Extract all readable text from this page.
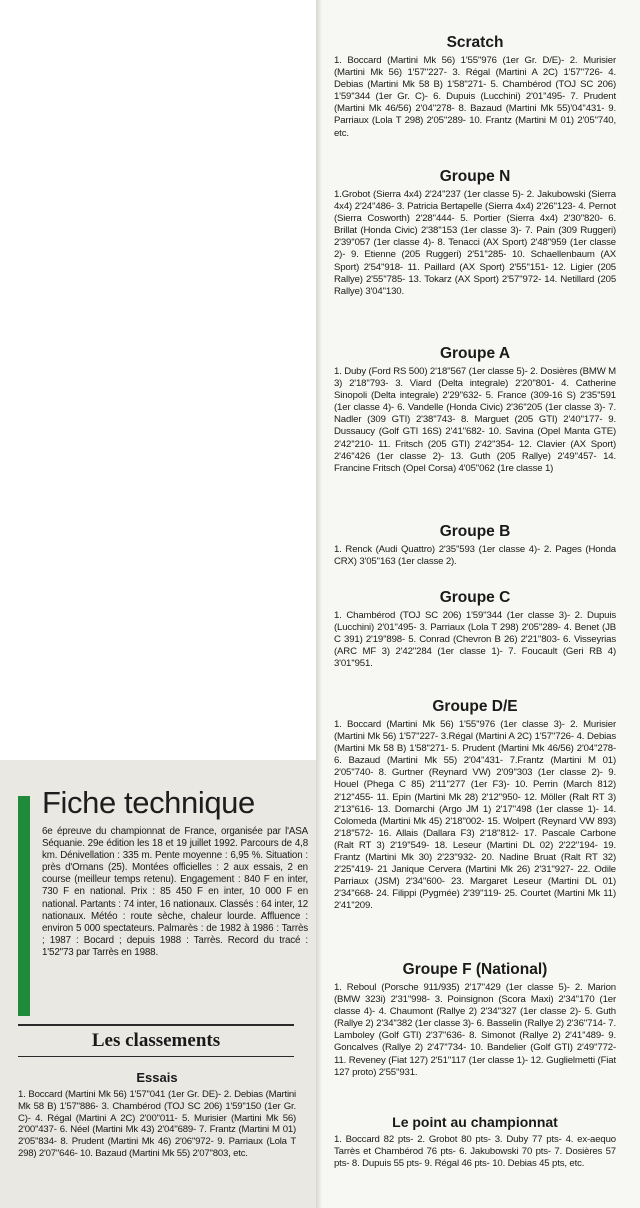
Fiche technique

6e épreuve du championnat de France, organisée par l'ASA Séquanie. 29e édition les 18 et 19 juillet 1992. Parcours de 4,8 km. Dénivellation : 335 m. Pente moyenne : 6,95 %. Situation : près d'Ornans (25). Montées officielles : 2 aux essais, 2 en course (meilleur temps retenu). Engagement : 840 F en inter, 730 F en national. Prix : 85 450 F en inter, 10 000 F en national. Partants : 74 inter, 16 nationaux. Classés : 64 inter, 12 nationaux. Météo : route sèche, chaleur lourde. Affluence : environ 5 000 spectateurs. Palmarès : de 1982 à 1986 : Tarrès ; 1987 : Bocard ; depuis 1988 : Tarrès. Record du tracé : 1'52"73 par Tarrès en 1988.

Les classements
Essais

1. Boccard (Martini Mk 56) 1'57''041 (1er Gr. DE)- 2. Debias (Martini Mk 58 B) 1'57''886- 3. Chambérod (TOJ SC 206) 1'59''150 (1er Gr. C)- 4. Régal (Martini A 2C) 2'00''011- 5. Murisier (Martini Mk 56) 2'00''437- 6. Néel (Martini Mk 43) 2'04''689- 7. Frantz (Martini M 01) 2'05''834- 8. Prudent (Martini Mk 46) 2'06''972- 9. Parriaux (Lola T 298) 2'07''646- 10. Bazaud (Martini Mk 55) 2'07''803, etc.

Scratch

1. Boccard (Martini Mk 56) 1'55''976 (1er Gr. D/E)- 2. Murisier (Martini Mk 56) 1'57''227- 3. Régal (Martini A 2C) 1'57''726- 4. Debias (Martini Mk 58 B) 1'58''271- 5. Chambérod (TOJ SC 206) 1'59''344 (1er Gr. C)- 6. Dupuis (Lucchini) 2'01''495- 7. Prudent (Martini Mk 46/56) 2'04''278- 8. Bazaud (Martini Mk 55)'04''431- 9. Parriaux (Lola T 298) 2'05''289- 10. Frantz (Martini M 01) 2'05''740, etc.

Groupe N

1.Grobot (Sierra 4x4) 2'24''237 (1er classe 5)- 2. Jakubowski (Sierra 4x4) 2'24''486- 3. Patricia Bertapelle (Sierra 4x4) 2'26''123- 4. Pernot (Sierra Cosworth) 2'28''444- 5. Portier (Sierra 4x4) 2'30''820- 6. Brillat (Honda Civic) 2'38''153 (1er classe 3)- 7. Pain (309 Ruggeri) 2'39''057 (1er classe 4)- 8. Tenacci (AX Sport) 2'48''959 (1er classe 2)- 9. Etienne (205 Ruggeri) 2'51''285- 10. Schaellenbaum (AX Sport) 2'54''918- 11. Paillard (AX Sport) 2'55''151- 12. Ligier (205 Rallye) 2'55''785- 13. Tokarz (AX Sport) 2'57''972- 14. Netillard (205 Rallye) 3'04''130.

Groupe A

1. Duby (Ford RS 500) 2'18''567 (1er classe 5)- 2. Dosières (BMW M 3) 2'18''793- 3. Viard (Delta integrale) 2'20''801- 4. Catherine Sinopoli (Delta integrale) 2'29''632- 5. France (309-16 S) 2'35''591 (1er classe 4)- 6. Vandelle (Honda Civic) 2'36''205 (1er classe 3)- 7. Nadler (309 GTI) 2'38''743- 8. Marguet (205 GTI) 2'40''177- 9. Dussaucy (Golf GTI 16S) 2'41''682- 10. Savina (Opel Manta GTE) 2'42''210- 11. Fritsch (205 GTI) 2'42''354- 12. Clavier (AX Sport) 2'46''426 (1er classe 2)- 13. Guth (205 Rallye) 2'49''457- 14. Francine Fritsch (Opel Corsa) 4'05''062 (1re classe 1)

Groupe B

1. Renck (Audi Quattro) 2'35''593 (1er classe 4)- 2. Pages (Honda CRX) 3'05''163 (1er classe 2).

Groupe C

1. Chambérod (TOJ SC 206) 1'59''344 (1er classe 3)- 2. Dupuis (Lucchini) 2'01''495- 3. Parriaux (Lola T 298) 2'05''289- 4. Benet (JB C 391) 2'19''898- 5. Conrad (Chevron B 26) 2'21''803- 6. Visseyrias (ARC MF 3) 2'42''284 (1er classe 1)- 7. Foucault (Geri RB 4) 3'01''951.

Groupe D/E

1. Boccard (Martini Mk 56) 1'55''976 (1er classe 3)- 2. Murisier (Martini Mk 56) 1'57''227- 3.Régal (Martini A 2C) 1'57''726- 4. Debias (Martini Mk 58 B) 1'58''271- 5. Prudent (Martini Mk 46/56) 2'04''278- 6. Bazaud (Martini Mk 55) 2'04''431- 7.Frantz (Martini M 01) 2'05''740- 8. Gurtner (Reynard VW) 2'09''303 (1er classe 2)- 9. Houel (Phega C 85) 2'11''277 (1er F3)- 10. Perrin (March 812) 2'12''455- 11. Epin (Martini Mk 28) 2'12''950- 12. Möller (Ralt RT 3) 2'13''616- 13. Domarchi (Argo JM 1) 2'17''498 (1er classe 1)- 14. Colomeda (Martini Mk 45) 2'18''002- 15. Wolpert (Reynard VW 893) 2'18''572- 16. Allais (Dallara F3) 2'18''812- 17. Pascale Carbone (Ralt RT 3) 2'19''549- 18. Leseur (Martini DL 02) 2'22''194- 19. Frantz (Martini Mk 30) 2'23''932- 20. Nadine Bruat (Ralt RT 32) 2'25''419- 21 Janique Cervera (Martini Mk 26) 2'31''927- 22. Odile Parriaux (JSM) 2'34''600- 23. Margaret Leseur (Martini DL 01) 2'34''668- 24. Filippi (Pygmée) 2'39''119- 25. Courtet (Martini Mk 11) 2'41''209.

Groupe F (National)

1. Reboul (Porsche 911/935) 2'17''429 (1er classe 5)- 2. Marion (BMW 323i) 2'31''998- 3. Poinsignon (Scora Maxi) 2'34''170 (1er classe 4)- 4. Chaumont (Rallye 2) 2'34''327 (1er classe 2)- 5. Guth (Rallye 2) 2'34''382 (1er classe 3)- 6. Basselin (Rallye 2) 2'36''714- 7. Lamboley (Golf GTI) 2'37''636- 8. Simonot (Rallye 2) 2'41''489- 9. Goncalves (Rallye 2) 2'47''734- 10. Bandelier (Golf GTI) 2'49''772- 11. Reveney (Fiat 127) 2'51''117 (1er classe 1)- 12. Guglielmetti (Fiat 127 proto) 2'55''931.

Le point au championnat

1. Boccard 82 pts- 2. Grobot 80 pts- 3. Duby 77 pts- 4. ex-aequo Tarrès et Chambérod 76 pts- 6. Jakubowski 70 pts- 7. Dosières 57 pts- 8. Dupuis 55 pts- 9. Régal 46 pts- 10. Debias 45 pts, etc.
